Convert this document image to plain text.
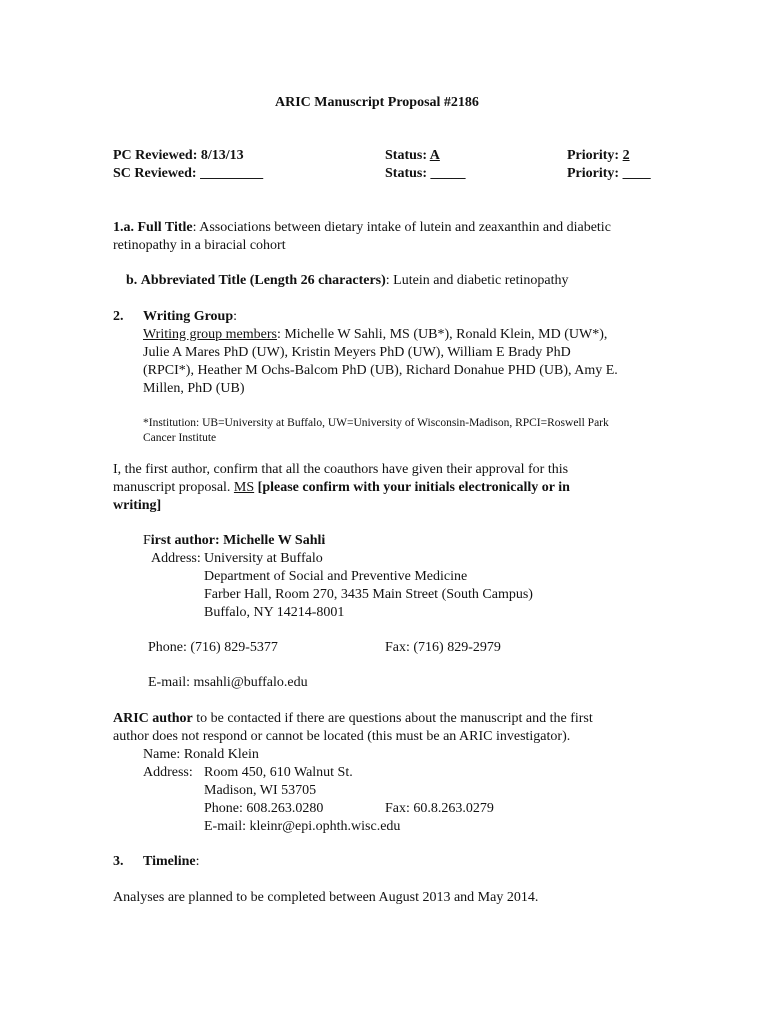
ARIC Manuscript Proposal #2186
PC Reviewed: 8/13/13
SC Reviewed: _________
Status: A
Status: _____
Priority: 2
Priority: ____
1.a. Full Title: Associations between dietary intake of lutein and zeaxanthin and diabetic
retinopathy in a biracial cohort
b. Abbreviated Title (Length 26 characters): Lutein and diabetic retinopathy
2. Writing Group:
Writing group members: Michelle W Sahli, MS (UB*), Ronald Klein, MD (UW*),
Julie A Mares PhD (UW), Kristin Meyers PhD (UW), William E Brady PhD
(RPCI*), Heather M Ochs-Balcom PhD (UB), Richard Donahue PHD (UB), Amy E.
Millen, PhD (UB)
*Institution: UB=University at Buffalo, UW=University of Wisconsin-Madison, RPCI=Roswell Park
Cancer Institute
I, the first author, confirm that all the coauthors have given their approval for this
manuscript proposal. MS [please confirm with your initials electronically or in
writing]
First author: Michelle W Sahli
Address: University at Buffalo
Department of Social and Preventive Medicine
Farber Hall, Room 270, 3435 Main Street (South Campus)
Buffalo, NY 14214-8001
Phone: (716) 829-5377	Fax: (716) 829-2979
E-mail: msahli@buffalo.edu
ARIC author to be contacted if there are questions about the manuscript and the first
author does not respond or cannot be located (this must be an ARIC investigator).
Name: Ronald Klein
Address: Room 450, 610 Walnut St.
Madison, WI 53705
Phone: 608.263.0280	Fax: 60.8.263.0279
E-mail: kleinr@epi.ophth.wisc.edu
3. Timeline:
Analyses are planned to be completed between August 2013 and May 2014.
